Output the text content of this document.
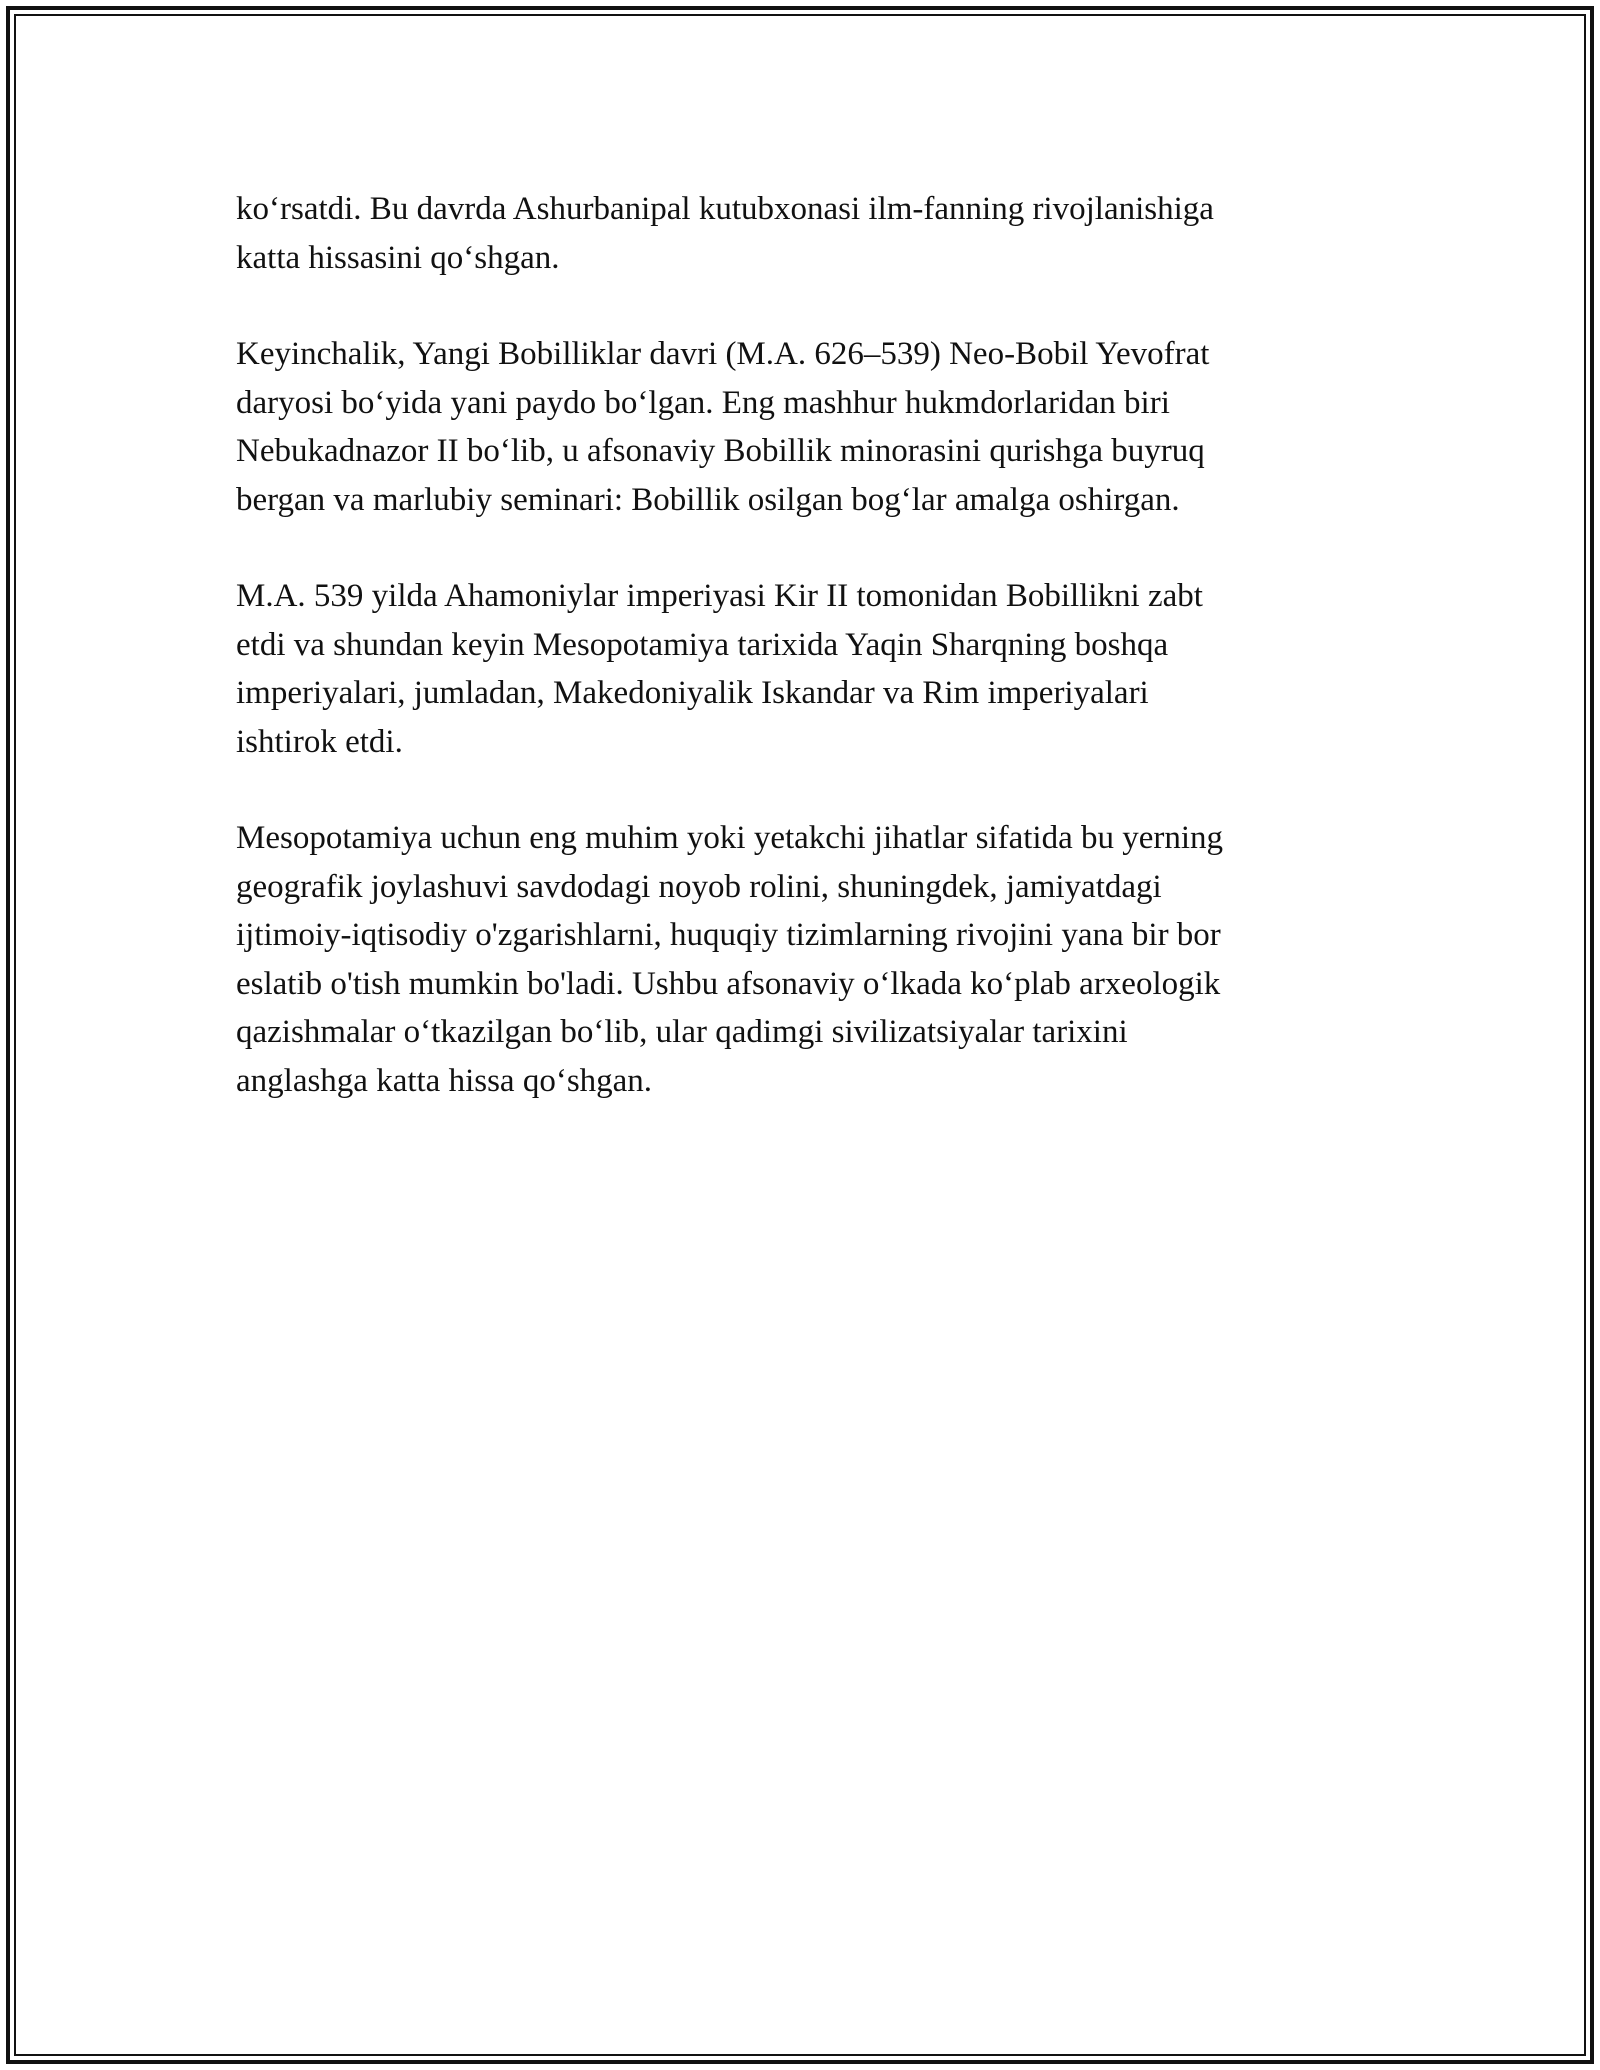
ko‘rsatdi. Bu davrda Ashurbanipal kutubxonasi ilm-fanning rivojlanishiga
katta hissasini qo‘shgan.

Keyinchalik, Yangi Bobilliklar davri (M.A. 626–539) Neo-Bobil Yevofrat
daryosi bo‘yida yani paydo bo‘lgan. Eng mashhur hukmdorlaridan biri
Nebukadnazor II bo‘lib, u afsonaviy Bobillik minorasini qurishga buyruq
bergan va marlubiy seminari: Bobillik osilgan bog‘lar amalga oshirgan.

M.A. 539 yilda Ahamoniylar imperiyasi Kir II tomonidan Bobillikni zabt
etdi va shundan keyin Mesopotamiya tarixida Yaqin Sharqning boshqa
imperiyalari, jumladan, Makedoniyalik Iskandar va Rim imperiyalari
ishtirok etdi.

Mesopotamiya uchun eng muhim yoki yetakchi jihatlar sifatida bu yerning
geografik joylashuvi savdodagi noyob rolini, shuningdek, jamiyatdagi
ijtimoiy-iqtisodiy o'zgarishlarni, huquqiy tizimlarning rivojini yana bir bor
eslatib o'tish mumkin bo'ladi. Ushbu afsonaviy o‘lkada ko‘plab arxeologik
qazishmalar o‘tkazilgan bo‘lib, ular qadimgi sivilizatsiyalar tarixini
anglashga katta hissa qo‘shgan.
